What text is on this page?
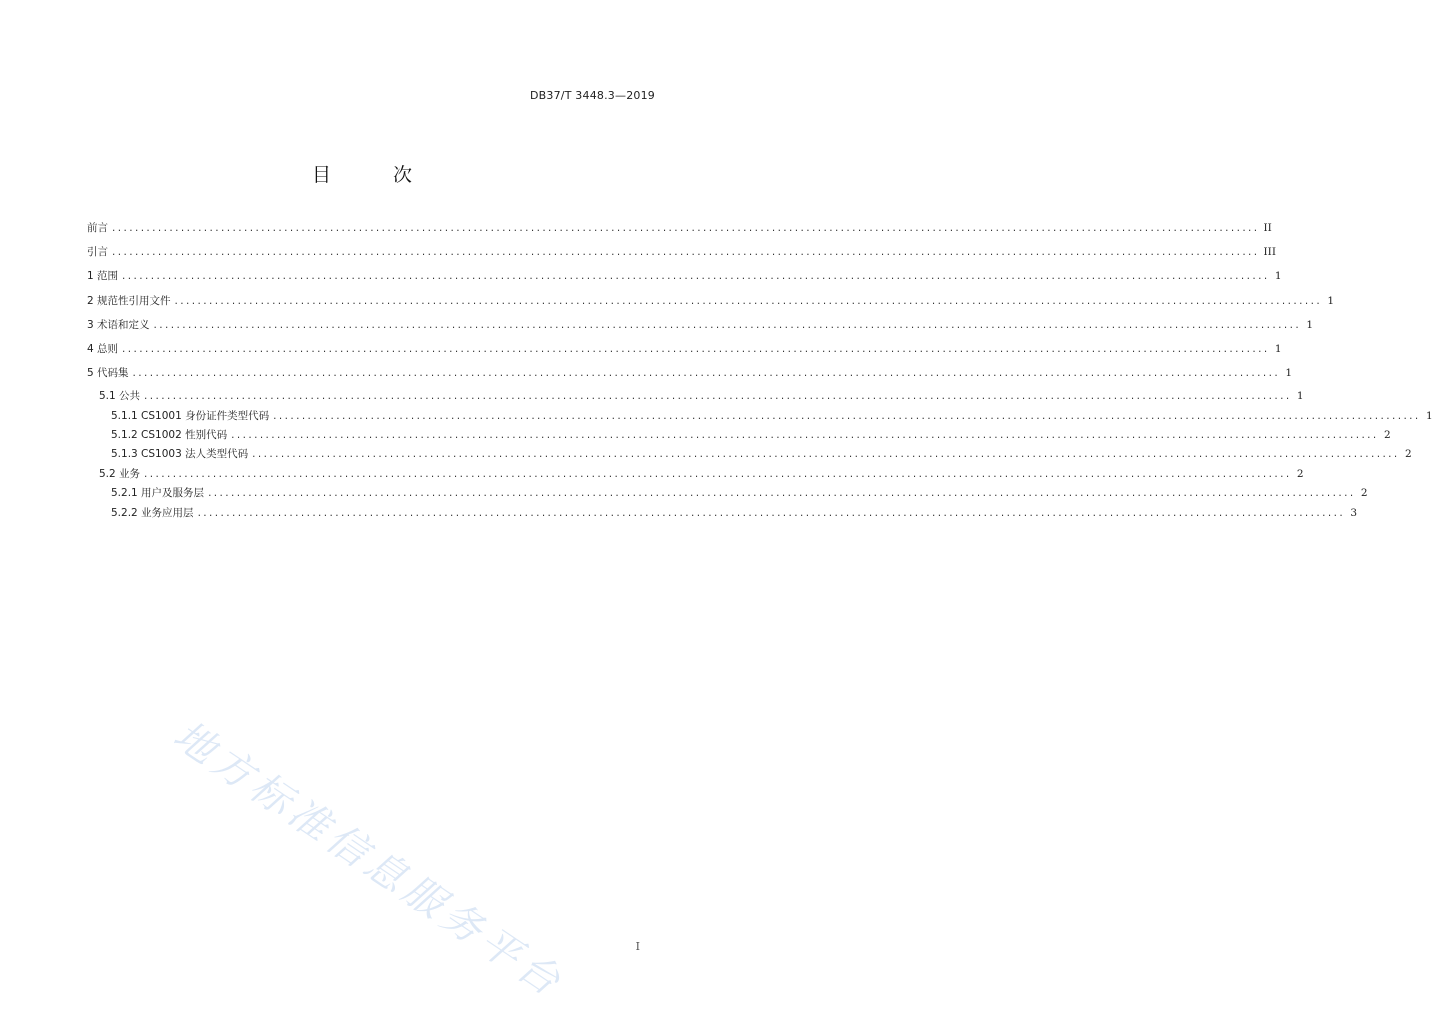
DB37/T 3448.3—2019
目 次
前言 ........................................................................................................................................................................................................ II
引言 ........................................................................................................................................................................................................ III
1 范围 ........................................................................................................................................................................................................ 1
2 规范性引用文件 ........................................................................................................................................................................................................ 1
3 术语和定义 ........................................................................................................................................................................................................ 1
4 总则 ........................................................................................................................................................................................................ 1
5 代码集 ........................................................................................................................................................................................................ 1
5.1 公共 ........................................................................................................................................................................................................ 1
5.1.1 CS1001 身份证件类型代码 ........................................................................................................................................................................................................ 1
5.1.2 CS1002 性别代码 ........................................................................................................................................................................................................ 2
5.1.3 CS1003 法人类型代码 ........................................................................................................................................................................................................ 2
5.2 业务 ........................................................................................................................................................................................................ 2
5.2.1 用户及服务层 ........................................................................................................................................................................................................ 2
5.2.2 业务应用层 ........................................................................................................................................................................................................ 3
地方标准信息服务平台	I
